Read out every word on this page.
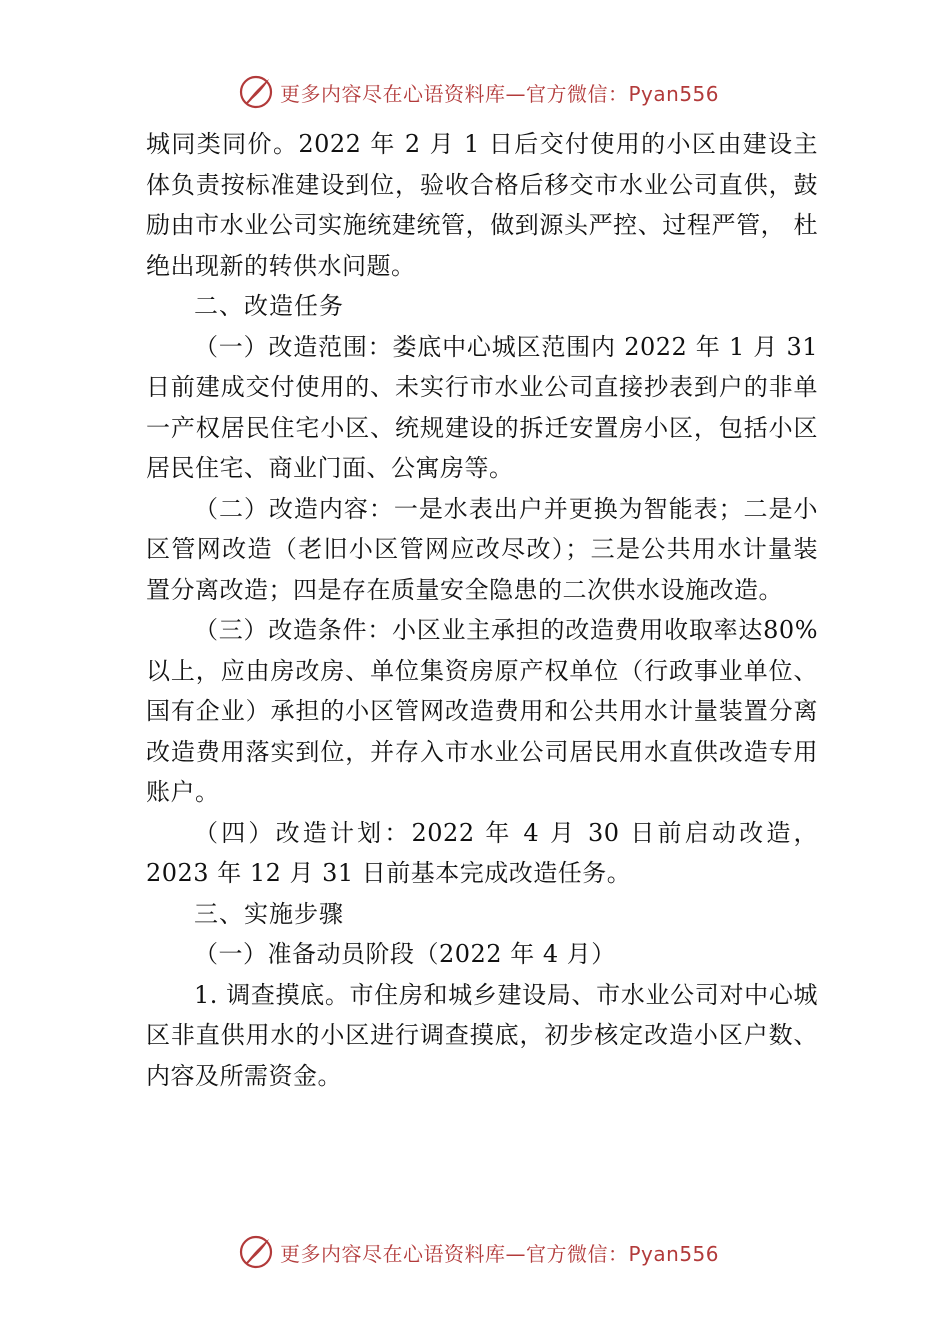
更多内容尽在心语资料库—官方微信：Pyan556

城同类同价。2022 年 2 月 1 日后交付使用的小区由建设主体负责按标准建设到位，验收合格后移交市水业公司直供，鼓励由市水业公司实施统建统管，做到源头严控、过程严管， 杜绝出现新的转供水问题。

二、改造任务

（一）改造范围：娄底中心城区范围内 2022 年 1 月 31 日前建成交付使用的、未实行市水业公司直接抄表到户的非单一产权居民住宅小区、统规建设的拆迁安置房小区，包括小区居民住宅、商业门面、公寓房等。

（二）改造内容：一是水表出户并更换为智能表；二是小区管网改造（老旧小区管网应改尽改）；三是公共用水计量装置分离改造；四是存在质量安全隐患的二次供水设施改造。

（三）改造条件：小区业主承担的改造费用收取率达80% 以上，应由房改房、单位集资房原产权单位（行政事业单位、国有企业）承担的小区管网改造费用和公共用水计量装置分离改造费用落实到位，并存入市水业公司居民用水直供改造专用账户。

（四）改造计划：2022 年 4 月 30 日前启动改造，2023 年 12 月 31 日前基本完成改造任务。

三、实施步骤

（一）准备动员阶段（2022 年 4 月）

1. 调查摸底。市住房和城乡建设局、市水业公司对中心城区非直供用水的小区进行调查摸底，初步核定改造小区户数、内容及所需资金。

更多内容尽在心语资料库—官方微信：Pyan556
